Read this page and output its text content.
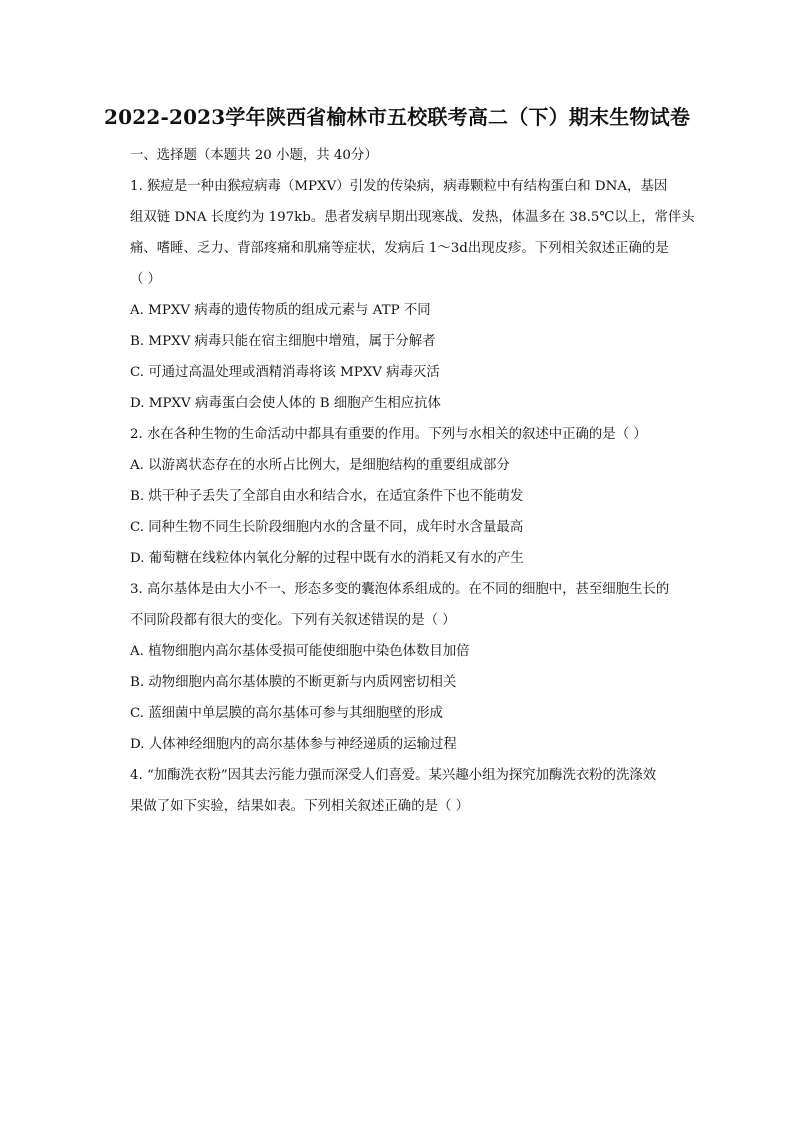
2022-2023学年陕西省榆林市五校联考高二（下）期末生物试卷
一、选择题（本题共 20 小题，共 40分）
1. 猴痘是一种由猴痘病毒（MPXV）引发的传染病，病毒颗粒中有结构蛋白和 DNA，基因
组双链 DNA 长度约为 197kb。患者发病早期出现寒战、发热，体温多在 38.5℃以上，常伴头
痛、嗜睡、乏力、背部疼痛和肌痛等症状，发病后 1～3d出现皮疹。下列相关叙述正确的是
（ ）
A. MPXV 病毒的遗传物质的组成元素与 ATP 不同
B. MPXV 病毒只能在宿主细胞中增殖，属于分解者
C. 可通过高温处理或酒精消毒将该 MPXV 病毒灭活
D. MPXV 病毒蛋白会使人体的 B 细胞产生相应抗体
2. 水在各种生物的生命活动中都具有重要的作用。下列与水相关的叙述中正确的是（ ）
A. 以游离状态存在的水所占比例大，是细胞结构的重要组成部分
B. 烘干种子丢失了全部自由水和结合水，在适宜条件下也不能萌发
C. 同种生物不同生长阶段细胞内水的含量不同，成年时水含量最高
D. 葡萄糖在线粒体内氧化分解的过程中既有水的消耗又有水的产生
3. 高尔基体是由大小不一、形态多变的囊泡体系组成的。在不同的细胞中，甚至细胞生长的
不同阶段都有很大的变化。下列有关叙述错误的是（ ）
A. 植物细胞内高尔基体受损可能使细胞中染色体数目加倍
B. 动物细胞内高尔基体膜的不断更新与内质网密切相关
C. 蓝细菌中单层膜的高尔基体可参与其细胞壁的形成
D. 人体神经细胞内的高尔基体参与神经递质的运输过程
4. “加酶洗衣粉”因其去污能力强而深受人们喜爱。某兴趣小组为探究加酶洗衣粉的洗涤效
果做了如下实验，结果如表。下列相关叙述正确的是（ ）
